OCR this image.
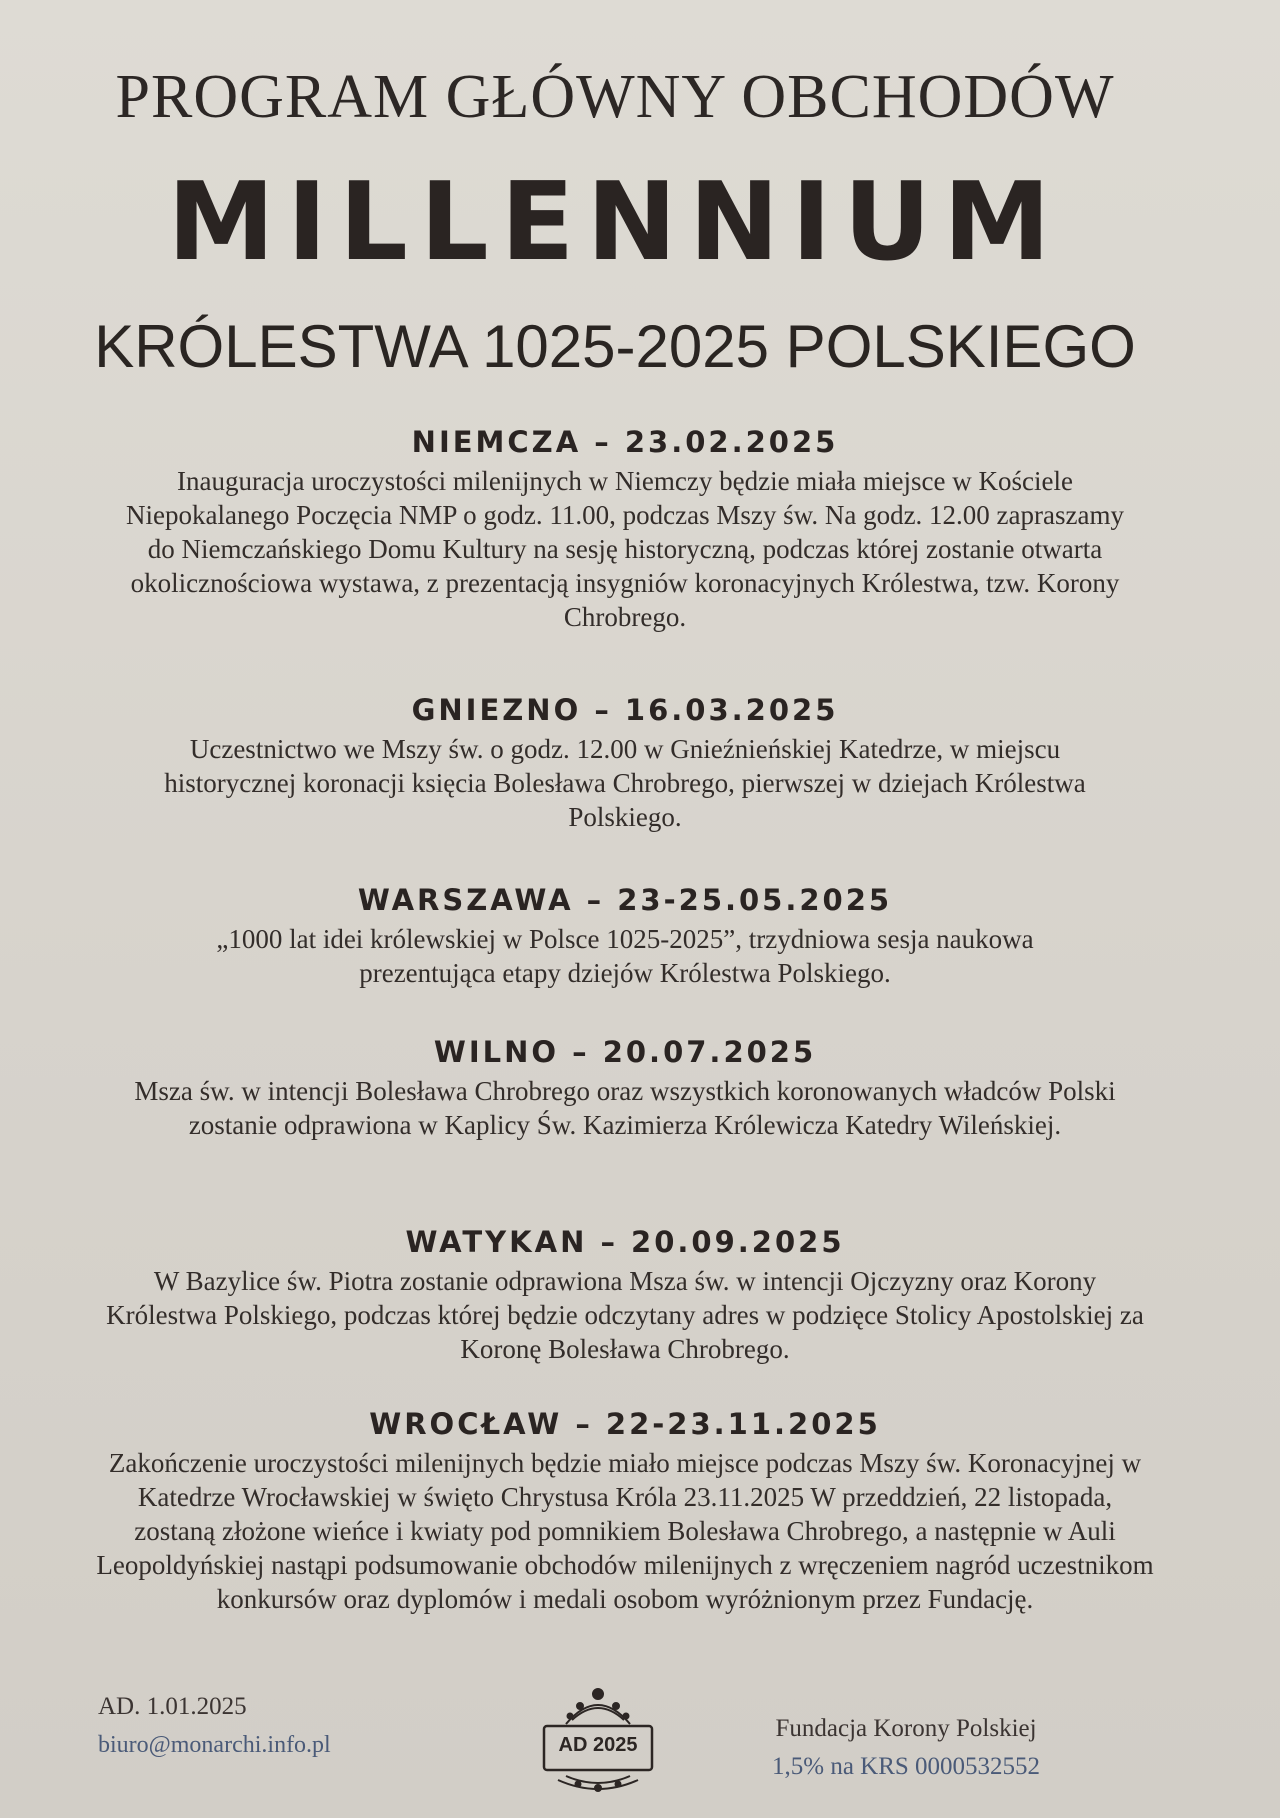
PROGRAM GŁÓWNY OBCHODÓW
MILLENNIUM
KRÓLESTWA 1025-2025 POLSKIEGO
NIEMCZA – 23.02.2025
Inauguracja uroczystości milenijnych w Niemczy będzie miała miejsce w Kościele Niepokalanego Poczęcia NMP o godz. 11.00, podczas Mszy św. Na godz. 12.00 zapraszamy do Niemczańskiego Domu Kultury na sesję historyczną, podczas której zostanie otwarta okolicznościowa wystawa, z prezentacją insygniów koronacyjnych Królestwa, tzw. Korony Chrobrego.
GNIEZNO – 16.03.2025
Uczestnictwo we Mszy św. o godz. 12.00 w Gnieźnieńskiej Katedrze, w miejscu historycznej koronacji księcia Bolesława Chrobrego, pierwszej w dziejach Królestwa Polskiego.
WARSZAWA – 23-25.05.2025
„1000 lat idei królewskiej w Polsce 1025-2025”, trzydniowa sesja naukowa prezentująca etapy dziejów Królestwa Polskiego.
WILNO – 20.07.2025
Msza św. w intencji Bolesława Chrobrego oraz wszystkich koronowanych władców Polski zostanie odprawiona w Kaplicy Św. Kazimierza Królewicza Katedry Wileńskiej.
WATYKAN – 20.09.2025
W Bazylice św. Piotra zostanie odprawiona Msza św. w intencji Ojczyzny oraz Korony Królestwa Polskiego, podczas której będzie odczytany adres w podzięce Stolicy Apostolskiej za Koronę Bolesława Chrobrego.
WROCŁAW – 22-23.11.2025
Zakończenie uroczystości milenijnych będzie miało miejsce podczas Mszy św. Koronacyjnej w Katedrze Wrocławskiej w święto Chrystusa Króla 23.11.2025 W przeddzień, 22 listopada, zostaną złożone wieńce i kwiaty pod pomnikiem Bolesława Chrobrego, a następnie w Auli Leopoldyńskiej nastąpi podsumowanie obchodów milenijnych z wręczeniem nagród uczestnikom konkursów oraz dyplomów i medali osobom wyróżnionym przez Fundację.
AD. 1.01.2025
biuro@monarchi.info.pl	AD 2025
Fundacja Korony Polskiej
1,5% na KRS 0000532552
